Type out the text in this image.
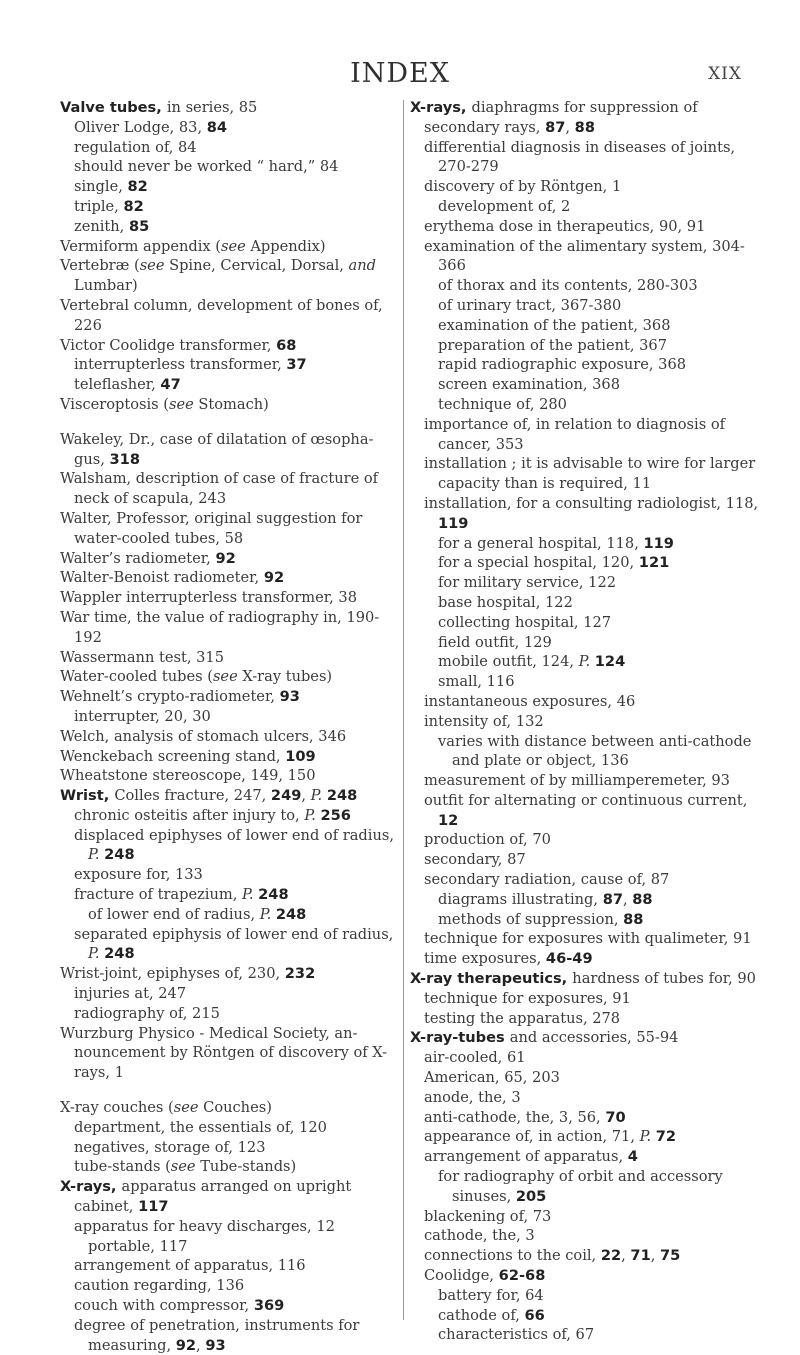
INDEX	XIX
Valve tubes, in series, 85
Oliver Lodge, 83, 84
regulation of, 84
should never be worked “ hard,” 84
single, 82
triple, 82
zenith, 85
Vermiform appendix (see Appendix)
Vertebræ (see Spine, Cervical, Dorsal, and Lumbar)
Vertebral column, development of bones of, 226
Victor Coolidge transformer, 68
interrupterless transformer, 37
teleflasher, 47
Visceroptosis (see Stomach)
Wakeley, Dr., case of dilatation of œsopha-gus, 318
Walsham, description of case of fracture of neck of scapula, 243
Walter, Professor, original suggestion for water-cooled tubes, 58
Walter’s radiometer, 92
Walter-Benoist radiometer, 92
Wappler interrupterless transformer, 38
War time, the value of radiography in, 190-192
Wassermann test, 315
Water-cooled tubes (see X-ray tubes)
Wehnelt’s crypto-radiometer, 93
interrupter, 20, 30
Welch, analysis of stomach ulcers, 346
Wenckebach screening stand, 109
Wheatstone stereoscope, 149, 150
Wrist, Colles fracture, 247, 249, P. 248
chronic osteitis after injury to, P. 256
displaced epiphyses of lower end of radius, P. 248
exposure for, 133
fracture of trapezium, P. 248
of lower end of radius, P. 248
separated epiphysis of lower end of radius, P. 248
Wrist-joint, epiphyses of, 230, 232
injuries at, 247
radiography of, 215
Wurzburg Physico - Medical Society, an-nouncement by Röntgen of discovery of X-rays, 1
X-ray couches (see Couches)
department, the essentials of, 120
negatives, storage of, 123
tube-stands (see Tube-stands)
X-rays, apparatus arranged on upright cabinet, 117
apparatus for heavy discharges, 12
portable, 117
arrangement of apparatus, 116
caution regarding, 136
couch with compressor, 369
degree of penetration, instruments for measuring, 92, 93
X-rays, diaphragms for suppression of secondary rays, 87, 88
differential diagnosis in diseases of joints, 270-279
discovery of by Röntgen, 1
development of, 2
erythema dose in therapeutics, 90, 91
examination of the alimentary system, 304-366
of thorax and its contents, 280-303
of urinary tract, 367-380
examination of the patient, 368
preparation of the patient, 367
rapid radiographic exposure, 368
screen examination, 368
technique of, 280
importance of, in relation to diagnosis of cancer, 353
installation ; it is advisable to wire for larger capacity than is required, 11
installation, for a consulting radiologist, 118, 119
for a general hospital, 118, 119
for a special hospital, 120, 121
for military service, 122
base hospital, 122
collecting hospital, 127
field outfit, 129
mobile outfit, 124, P. 124
small, 116
instantaneous exposures, 46
intensity of, 132
varies with distance between anti-cathode and plate or object, 136
measurement of by milliamperemeter, 93
outfit for alternating or continuous current, 12
production of, 70
secondary, 87
secondary radiation, cause of, 87
diagrams illustrating, 87, 88
methods of suppression, 88
technique for exposures with qualimeter, 91
time exposures, 46-49
X-ray therapeutics, hardness of tubes for, 90
technique for exposures, 91
testing the apparatus, 278
X-ray-tubes and accessories, 55-94
air-cooled, 61
American, 65, 203
anode, the, 3
anti-cathode, the, 3, 56, 70
appearance of, in action, 71, P. 72
arrangement of apparatus, 4
for radiography of orbit and accessory sinuses, 205
blackening of, 73
cathode, the, 3
connections to the coil, 22, 71, 75
Coolidge, 62-68
battery for, 64
cathode of, 66
characteristics of, 67
